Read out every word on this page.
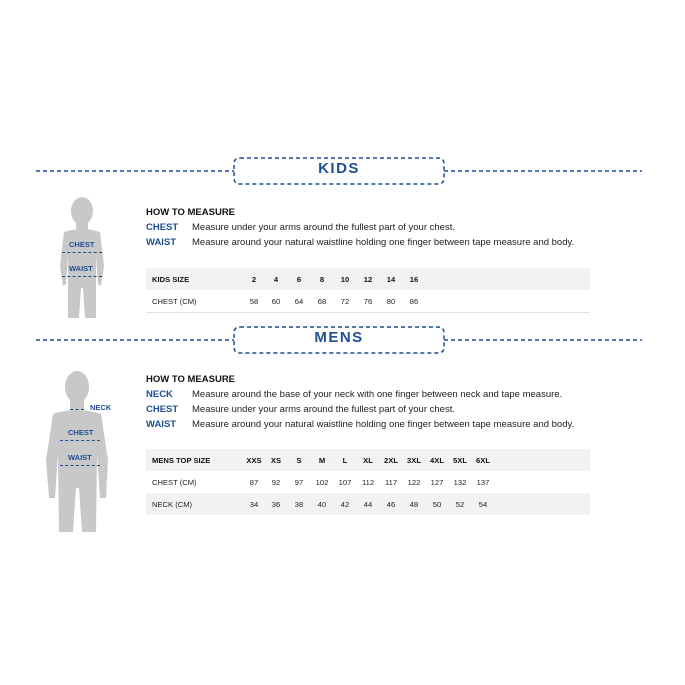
KIDS
CHEST
WAIST
HOW TO MEASURE
CHEST Measure under your arms around the fullest part of your chest.
WAIST Measure around your natural waistline holding one finger between tape measure and body.
KIDS SIZE	2	4	6	8	10	12	14	16
CHEST (CM)	58	60	64	68	72	76	80	86
MENS
NECK
CHEST
WAIST
HOW TO MEASURE
NECK Measure around the base of your neck with one finger between neck and tape measure.
CHEST Measure under your arms around the fullest part of your chest.
WAIST Measure around your natural waistline holding one finger between tape measure and body.
MENS TOP SIZE	XXS	XS	S	M	L	XL	2XL	3XL	4XL	5XL	6XL
CHEST (CM)	87	92	97	102	107	112	117	122	127	132	137
NECK (CM)	34	36	38	40	42	44	46	48	50	52	54
